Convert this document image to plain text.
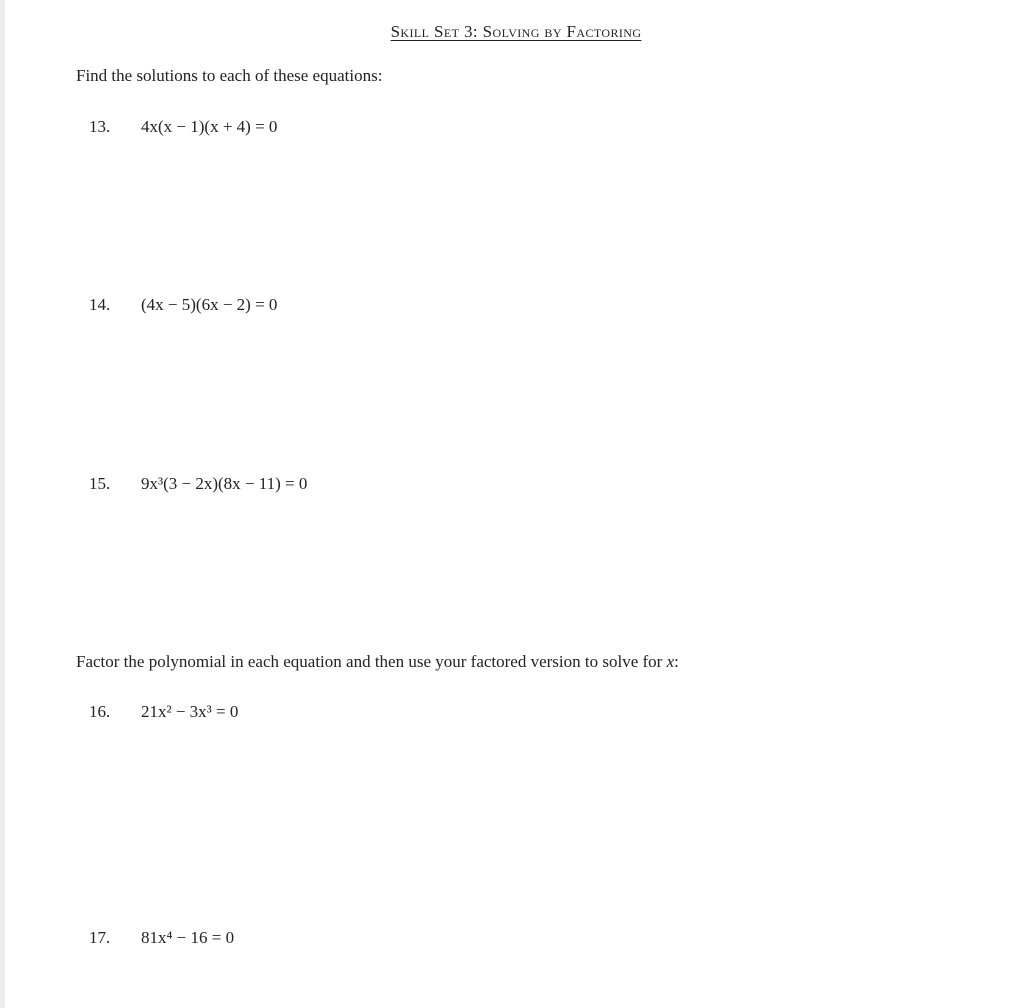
Skill Set 3: Solving by Factoring
Find the solutions to each of these equations:
13. 4x(x − 1)(x + 4) = 0
14. (4x − 5)(6x − 2) = 0
15. 9x³(3 − 2x)(8x − 11) = 0
Factor the polynomial in each equation and then use your factored version to solve for x:
16. 21x² − 3x³ = 0
17. 81x⁴ − 16 = 0
